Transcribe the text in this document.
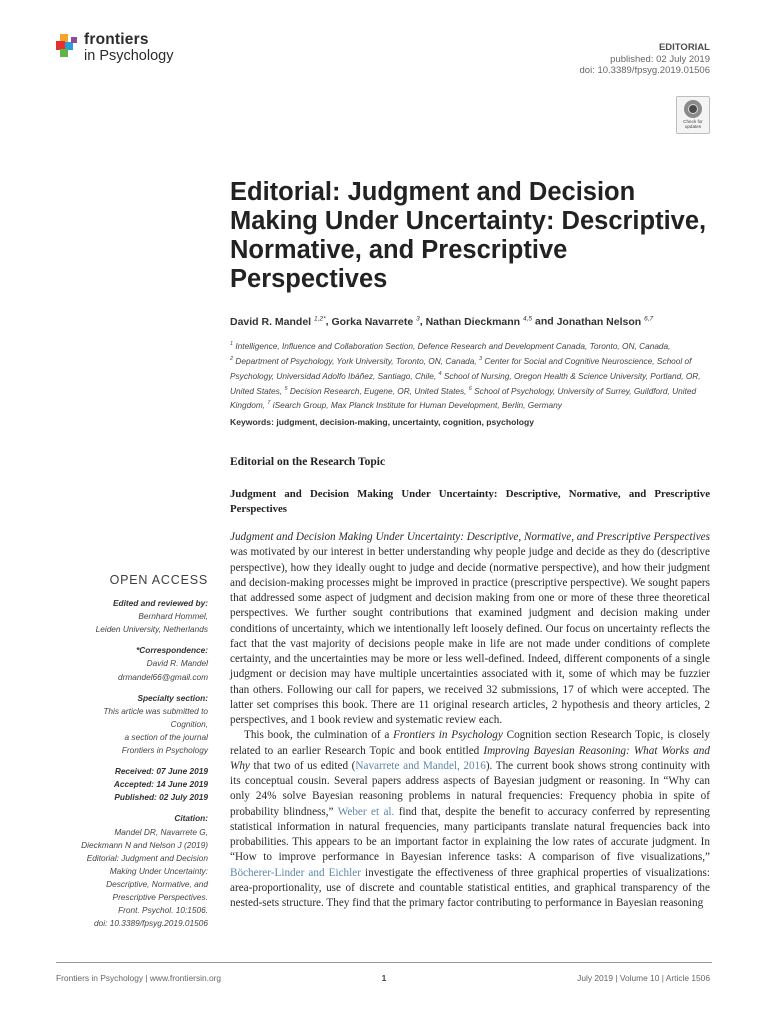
frontiers
in Psychology	EDITORIAL
published: 02 July 2019
doi: 10.3389/fpsyg.2019.01506
Check for updates
Editorial: Judgment and Decision Making Under Uncertainty: Descriptive, Normative, and Prescriptive Perspectives
David R. Mandel $^{1,2*}$, Gorka Navarrete $^3$, Nathan Dieckmann $^{4,5}$ and Jonathan Nelson $^{6,7}$
$^1$ Intelligence, Influence and Collaboration Section, Defence Research and Development Canada, Toronto, ON, Canada,
$^2$ Department of Psychology, York University, Toronto, ON, Canada, $^3$ Center for Social and Cognitive Neuroscience, School of Psychology, Universidad Adolfo Ibáñez, Santiago, Chile, $^4$ School of Nursing, Oregon Health & Science University, Portland, OR, United States, $^5$ Decision Research, Eugene, OR, United States, $^6$ School of Psychology, University of Surrey, Guildford, United Kingdom, $^7$ iSearch Group, Max Planck Institute for Human Development, Berlin, Germany
Keywords: judgment, decision-making, uncertainty, cognition, psychology
Editorial on the Research Topic
Judgment and Decision Making Under Uncertainty: Descriptive, Normative, and Prescriptive Perspectives

Judgment and Decision Making Under Uncertainty: Descriptive, Normative, and Prescriptive Perspectives was motivated by our interest in better understanding why people judge and decide as they do (descriptive perspective), how they ideally ought to judge and decide (normative perspective), and how their judgment and decision-making processes might be improved in practice (prescriptive perspective). We sought papers that addressed some aspect of judgment and decision making from one or more of these three theoretical perspectives. We further sought contributions that examined judgment and decision making under conditions of uncertainty, which we intentionally left loosely defined. Our focus on uncertainty reflects the fact that the vast majority of decisions people make in life are not made under conditions of complete certainty, and the uncertainties may be more or less well-defined. Indeed, different components of a single judgment or decision may have multiple uncertainties associated with it, some of which may be fuzzier than others. Following our call for papers, we received 32 submissions, 17 of which were accepted. The latter set comprises this book. There are 11 original research articles, 2 hypothesis and theory articles, 2 perspectives, and 1 book review and systematic review each.

This book, the culmination of a Frontiers in Psychology Cognition section Research Topic, is closely related to an earlier Research Topic and book entitled Improving Bayesian Reasoning: What Works and Why that two of us edited (Navarrete and Mandel, 2016). The current book shows strong continuity with its conceptual cousin. Several papers address aspects of Bayesian judgment or reasoning. In “Why can only 24% solve Bayesian reasoning problems in natural frequencies: Frequency phobia in spite of probability blindness,” Weber et al. find that, despite the benefit to accuracy conferred by representing statistical information in natural frequencies, many participants translate natural frequencies back into probabilities. This appears to be an important factor in explaining the low rates of accurate judgment. In “How to improve performance in Bayesian inference tasks: A comparison of five visualizations,” Böcherer-Linder and Eichler investigate the effectiveness of three graphical properties of visualizations: area-proportionality, use of discrete and countable statistical entities, and graphical transparency of the nested-sets structure. They find that the primary factor contributing to performance in Bayesian reasoning

OPEN ACCESS
Edited and reviewed by:
Bernhard Hommel,
Leiden University, Netherlands
*Correspondence:
David R. Mandel
drmandel66@gmail.com
Specialty section:
This article was submitted to
Cognition,
a section of the journal
Frontiers in Psychology
Received: 07 June 2019
Accepted: 14 June 2019
Published: 02 July 2019
Citation:
Mandel DR, Navarrete G,
Dieckmann N and Nelson J (2019)
Editorial: Judgment and Decision
Making Under Uncertainty:
Descriptive, Normative, and
Prescriptive Perspectives.
Front. Psychol. 10:1506.
doi: 10.3389/fpsyg.2019.01506
Frontiers in Psychology | www.frontiersin.org	1	July 2019 | Volume 10 | Article 1506
